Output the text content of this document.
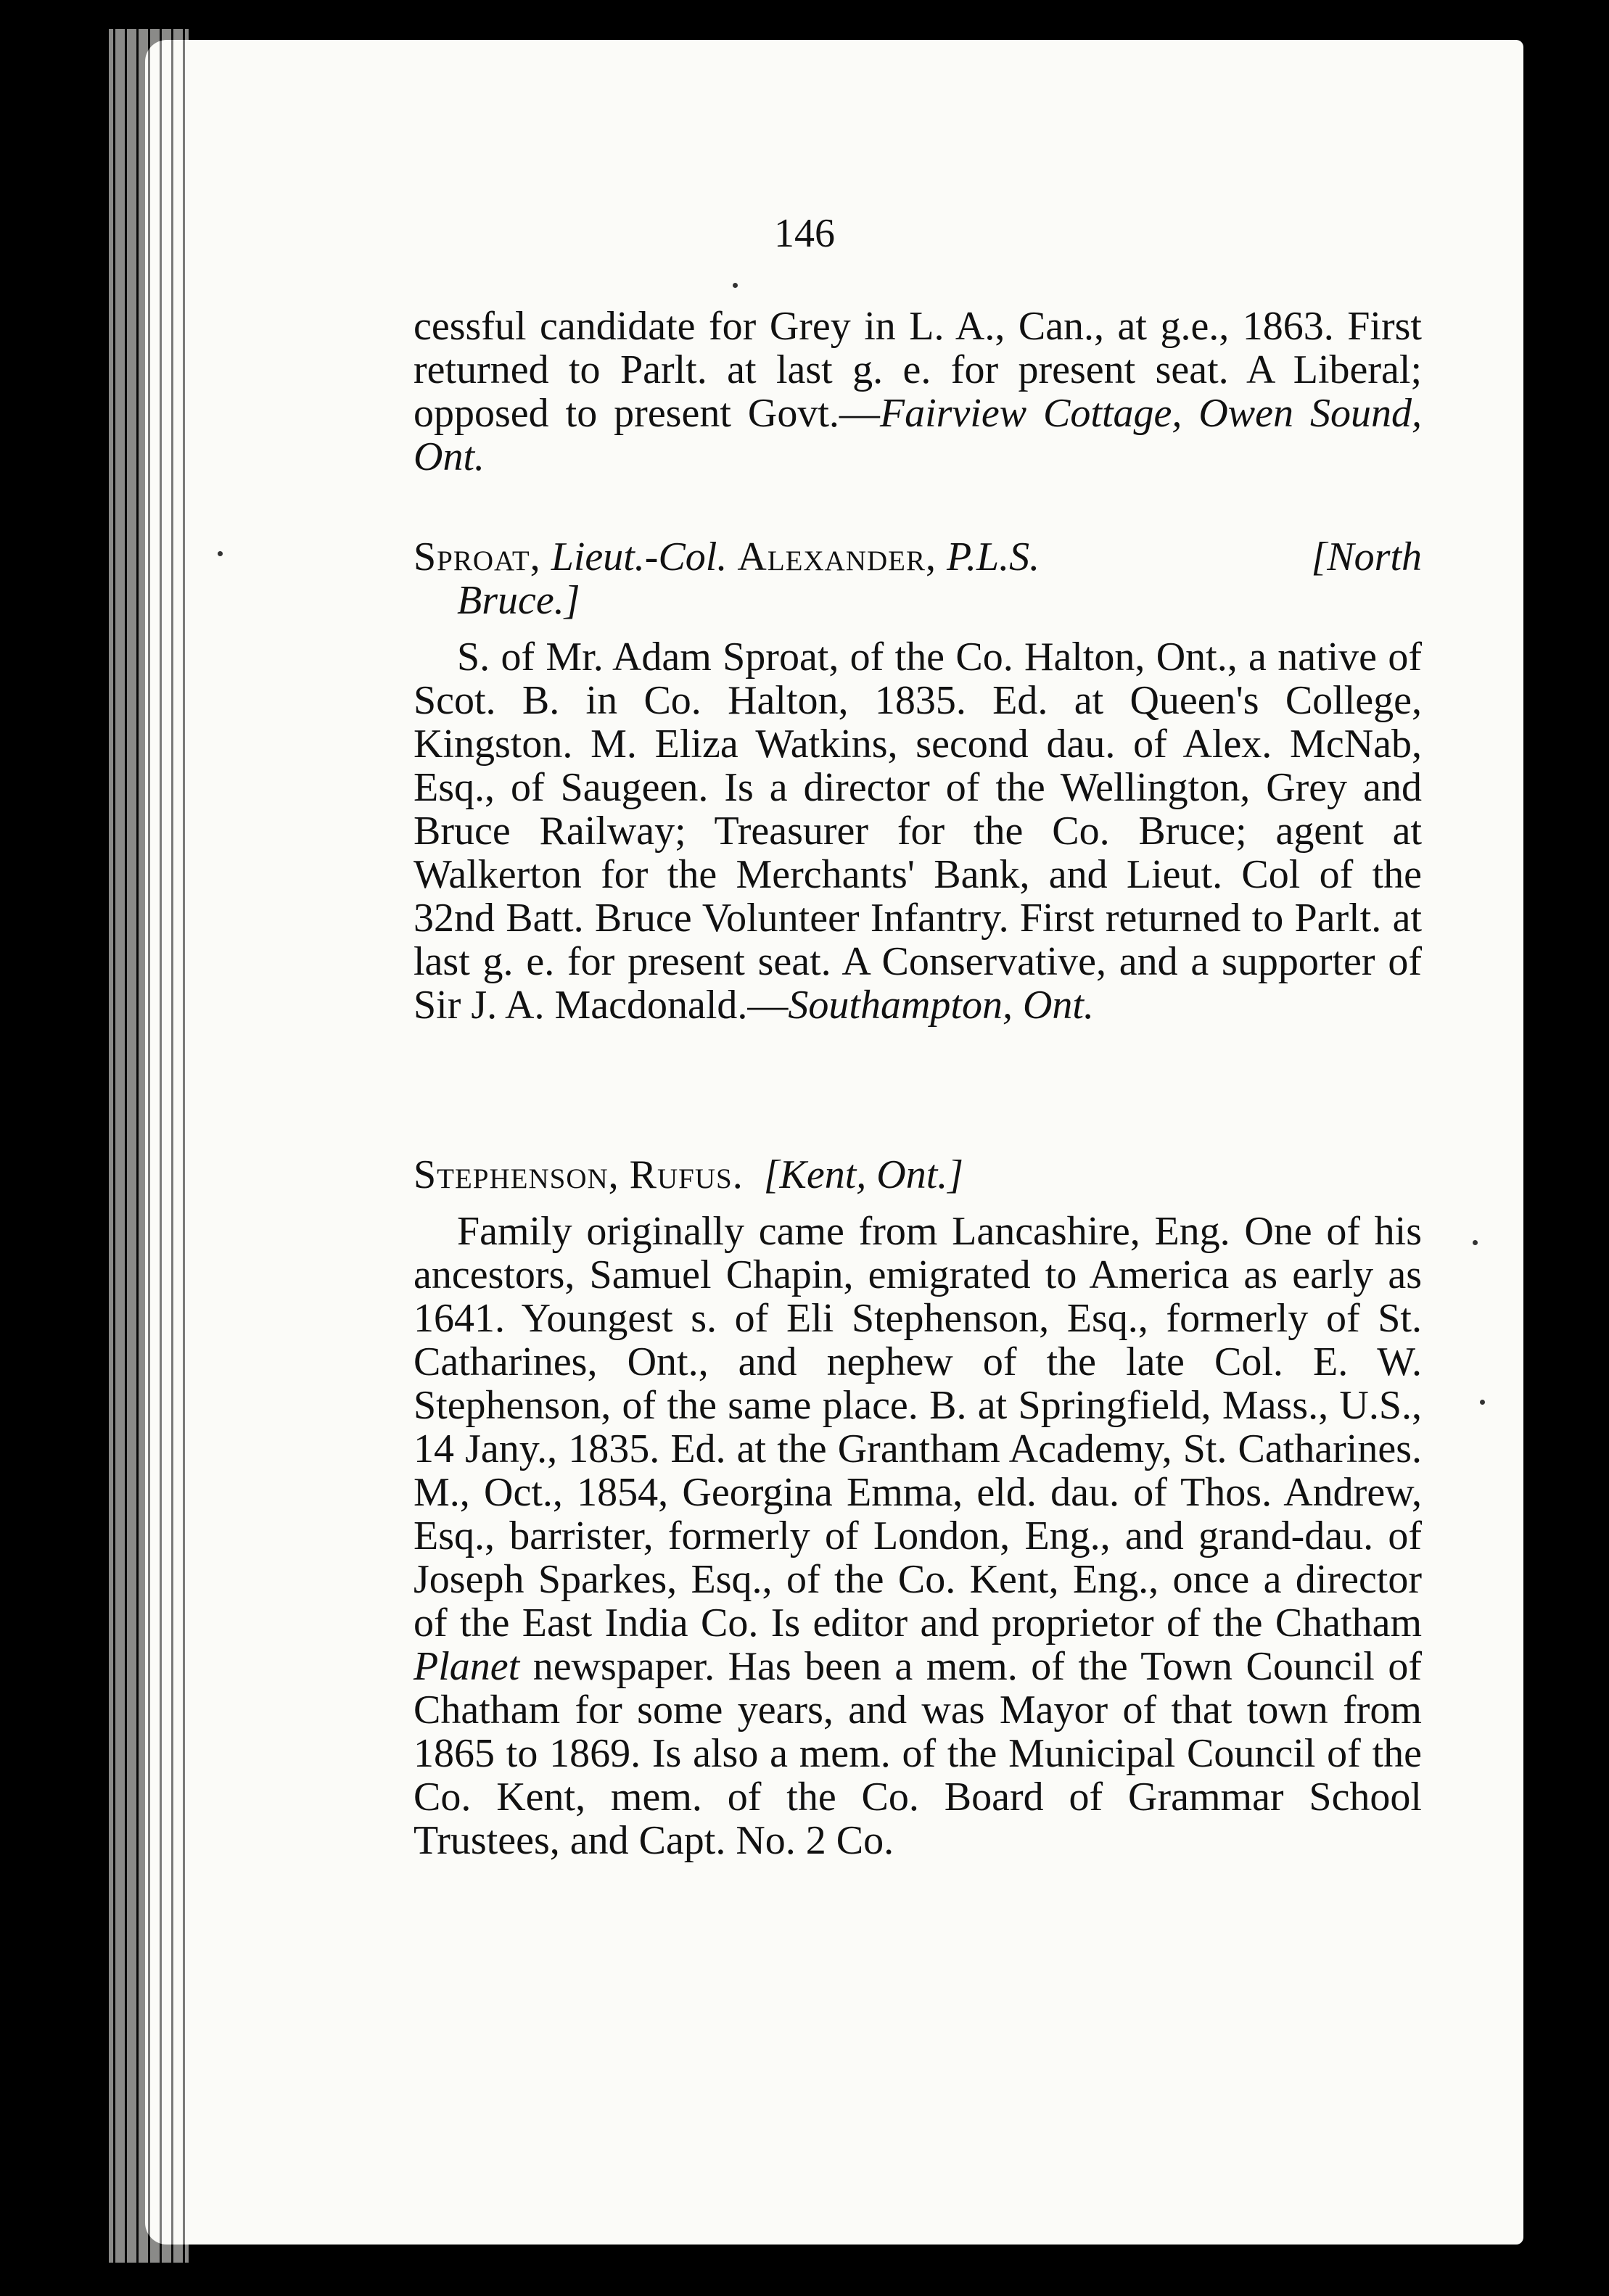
146

cessful candidate for Grey in L. A., Can., at g.e., 1863. First returned to Parlt. at last g. e. for present seat. A Liberal; opposed to present Govt.—Fairview Cottage, Owen Sound, Ont.

Sproat, Lieut.-Col. Alexander, P.L.S.	[North

Bruce.]

S. of Mr. Adam Sproat, of the Co. Halton, Ont., a native of Scot. B. in Co. Halton, 1835. Ed. at Queen's College, Kingston. M. Eliza Watkins, second dau. of Alex. McNab, Esq., of Saugeen. Is a director of the Wellington, Grey and Bruce Railway; Treasurer for the Co. Bruce; agent at Walkerton for the Merchants' Bank, and Lieut. Col of the 32nd Batt. Bruce Volunteer Infantry. First returned to Parlt. at last g. e. for present seat. A Conservative, and a supporter of Sir J. A. Macdonald.—Southampton, Ont.

Stephenson, Rufus. [Kent, Ont.]

Family originally came from Lancashire, Eng. One of his ancestors, Samuel Chapin, emigrated to America as early as 1641. Youngest s. of Eli Stephenson, Esq., formerly of St. Catharines, Ont., and nephew of the late Col. E. W. Stephenson, of the same place. B. at Springfield, Mass., U.S., 14 Jany., 1835. Ed. at the Grantham Academy, St. Catharines. M., Oct., 1854, Georgina Emma, eld. dau. of Thos. Andrew, Esq., barrister, formerly of London, Eng., and grand-dau. of Joseph Sparkes, Esq., of the Co. Kent, Eng., once a director of the East India Co. Is editor and proprietor of the Chatham Planet newspaper. Has been a mem. of the Town Council of Chatham for some years, and was Mayor of that town from 1865 to 1869. Is also a mem. of the Municipal Council of the Co. Kent, mem. of the Co. Board of Grammar School Trustees, and Capt. No. 2 Co.
